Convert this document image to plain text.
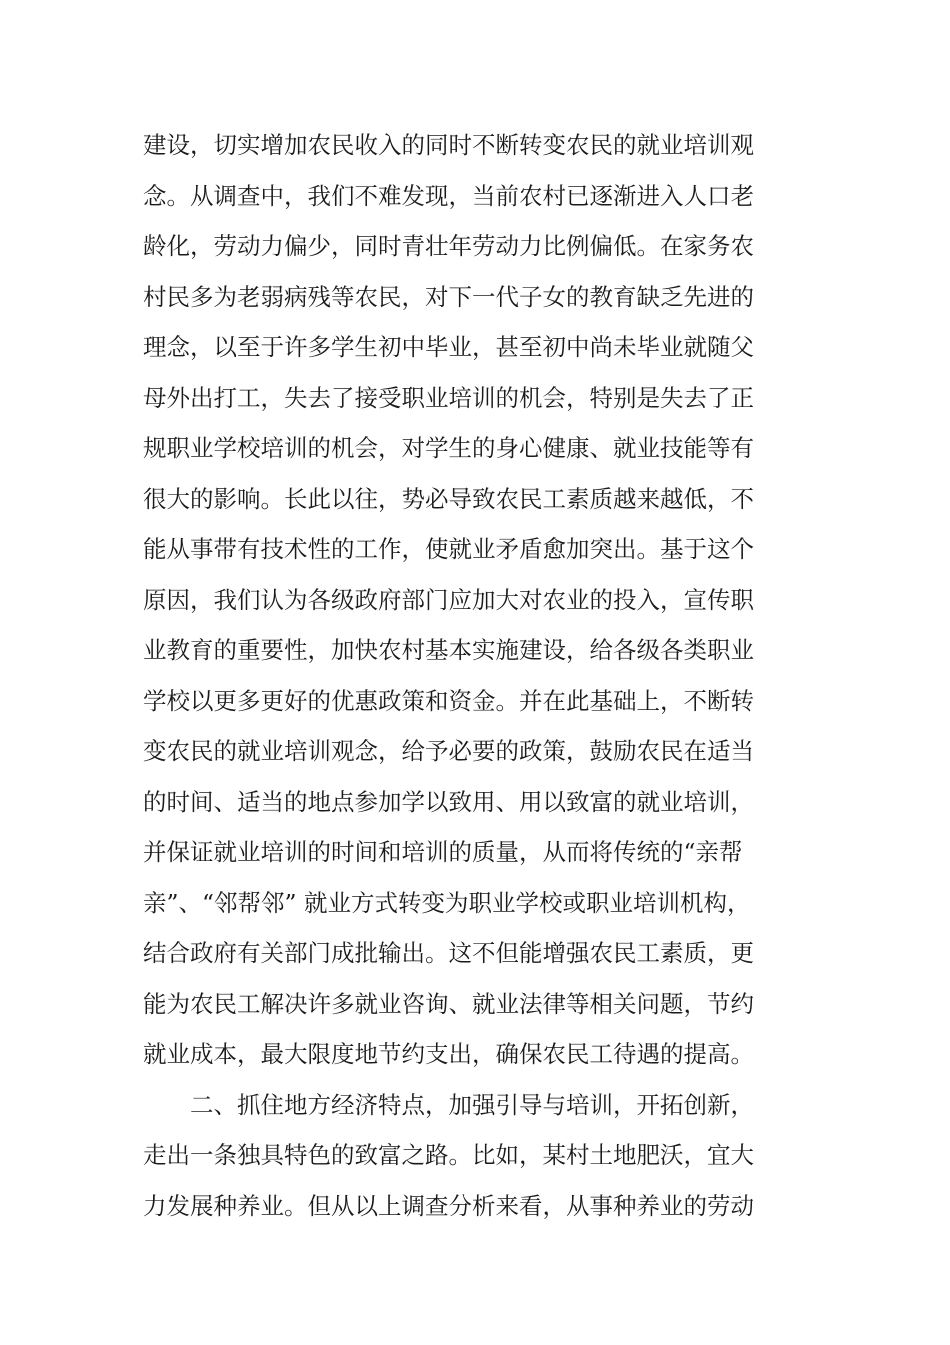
建设，切实增加农民收入的同时不断转变农民的就业培训观
念。从调查中，我们不难发现，当前农村已逐渐进入人口老
龄化，劳动力偏少，同时青壮年劳动力比例偏低。在家务农
村民多为老弱病残等农民，对下一代子女的教育缺乏先进的
理念，以至于许多学生初中毕业，甚至初中尚未毕业就随父
母外出打工，失去了接受职业培训的机会，特别是失去了正
规职业学校培训的机会，对学生的身心健康、就业技能等有
很大的影响。长此以往，势必导致农民工素质越来越低，不
能从事带有技术性的工作，使就业矛盾愈加突出。基于这个
原因，我们认为各级政府部门应加大对农业的投入，宣传职
业教育的重要性，加快农村基本实施建设，给各级各类职业
学校以更多更好的优惠政策和资金。并在此基础上，不断转
变农民的就业培训观念，给予必要的政策，鼓励农民在适当
的时间、适当的地点参加学以致用、用以致富的就业培训，
并保证就业培训的时间和培训的质量，从而将传统的“亲帮
亲”、“邻帮邻” 就业方式转变为职业学校或职业培训机构，
结合政府有关部门成批输出。这不但能增强农民工素质，更
能为农民工解决许多就业咨询、就业法律等相关问题，节约
就业成本，最大限度地节约支出，确保农民工待遇的提高。
二、抓住地方经济特点，加强引导与培训，开拓创新，
走出一条独具特色的致富之路。比如，某村土地肥沃，宜大
力发展种养业。但从以上调查分析来看，从事种养业的劳动
